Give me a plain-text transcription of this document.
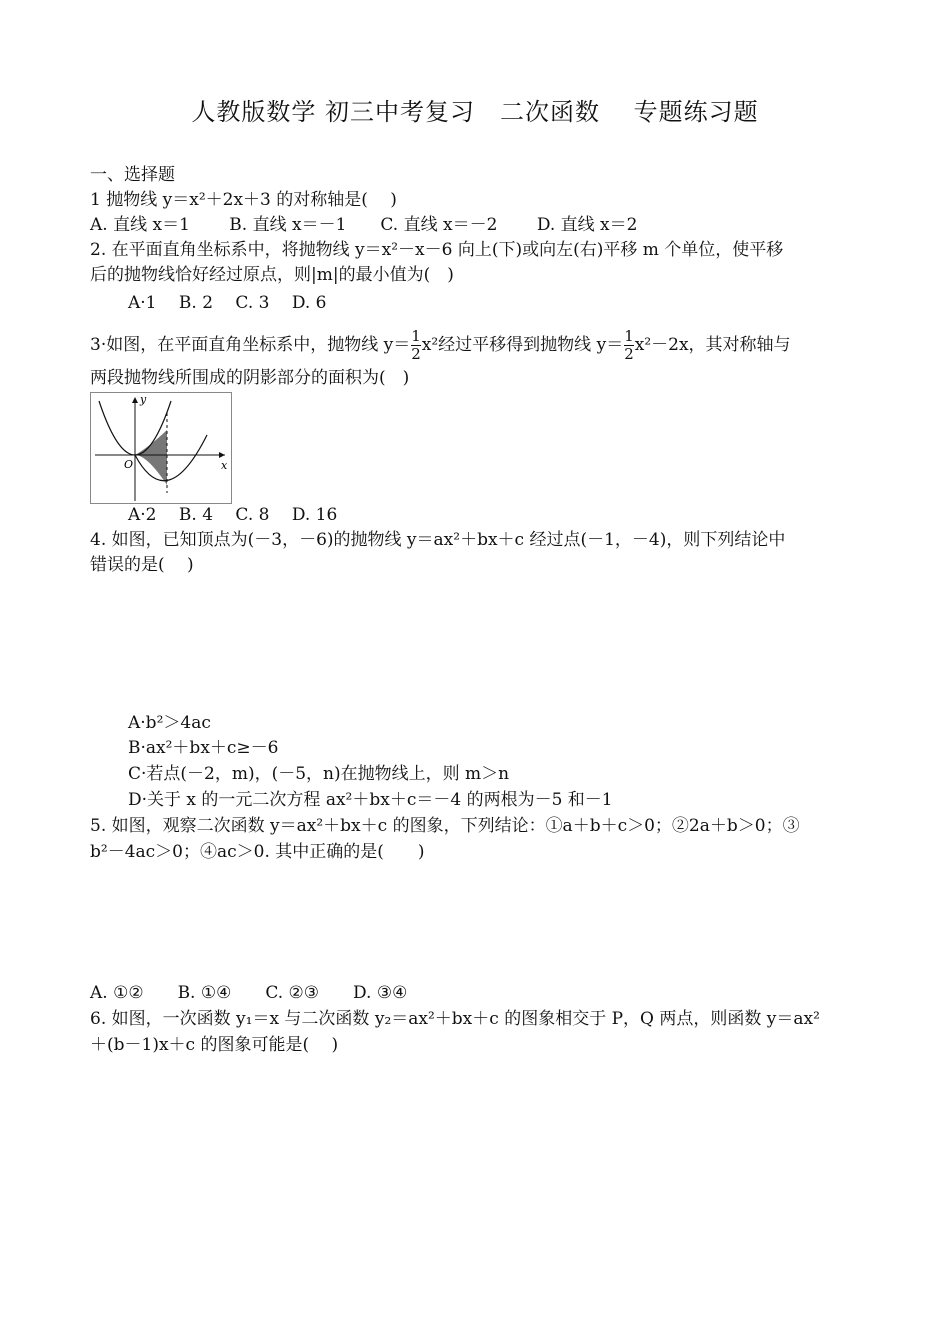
人教版数学 初三中考复习　二次函数　 专题练习题
一、选择题
1 抛物线 y＝x²＋2x＋3 的对称轴是(　 )
A. 直线 x＝1　　 B. 直线 x＝－1　　C. 直线 x＝－2　　 D. 直线 x＝2
2. 在平面直角坐标系中，将抛物线 y＝x²－x－6 向上(下)或向左(右)平移 m 个单位，使平移
后的抛物线恰好经过原点，则|m|的最小值为(　)
A·1　 B. 2　 C. 3　 D. 6
3·如图，在平面直角坐标系中，抛物线 $y= \frac{1}{2} x^2$经过平移得到抛物线 $y= \frac{1}{2} x^2-2x$，其对称轴与
两段抛物线所围成的阴影部分的面积为(　)
y
x
O
A·2　 B. 4　 C. 8　 D. 16
4. 如图，已知顶点为(－3，－6)的抛物线 y＝ax²＋bx＋c 经过点(－1，－4)，则下列结论中
错误的是(　 )
A·b²＞4ac
B·ax²＋bx＋c≥－6
C·若点(－2，m)，(－5，n)在抛物线上，则 m＞n
D·关于 x 的一元二次方程 ax²＋bx＋c＝－4 的两根为－5 和－1
5. 如图，观察二次函数 y＝ax²＋bx＋c 的图象，下列结论：①a＋b＋c＞0；②2a＋b＞0；③
b²－4ac＞0；④ac＞0. 其中正确的是(　　)
A. ①②　　B. ①④　　C. ②③　　D. ③④
6. 如图，一次函数 y₁＝x 与二次函数 y₂＝ax²＋bx＋c 的图象相交于 P，Q 两点，则函数 y＝ax²
＋(b－1)x＋c 的图象可能是(　 )
